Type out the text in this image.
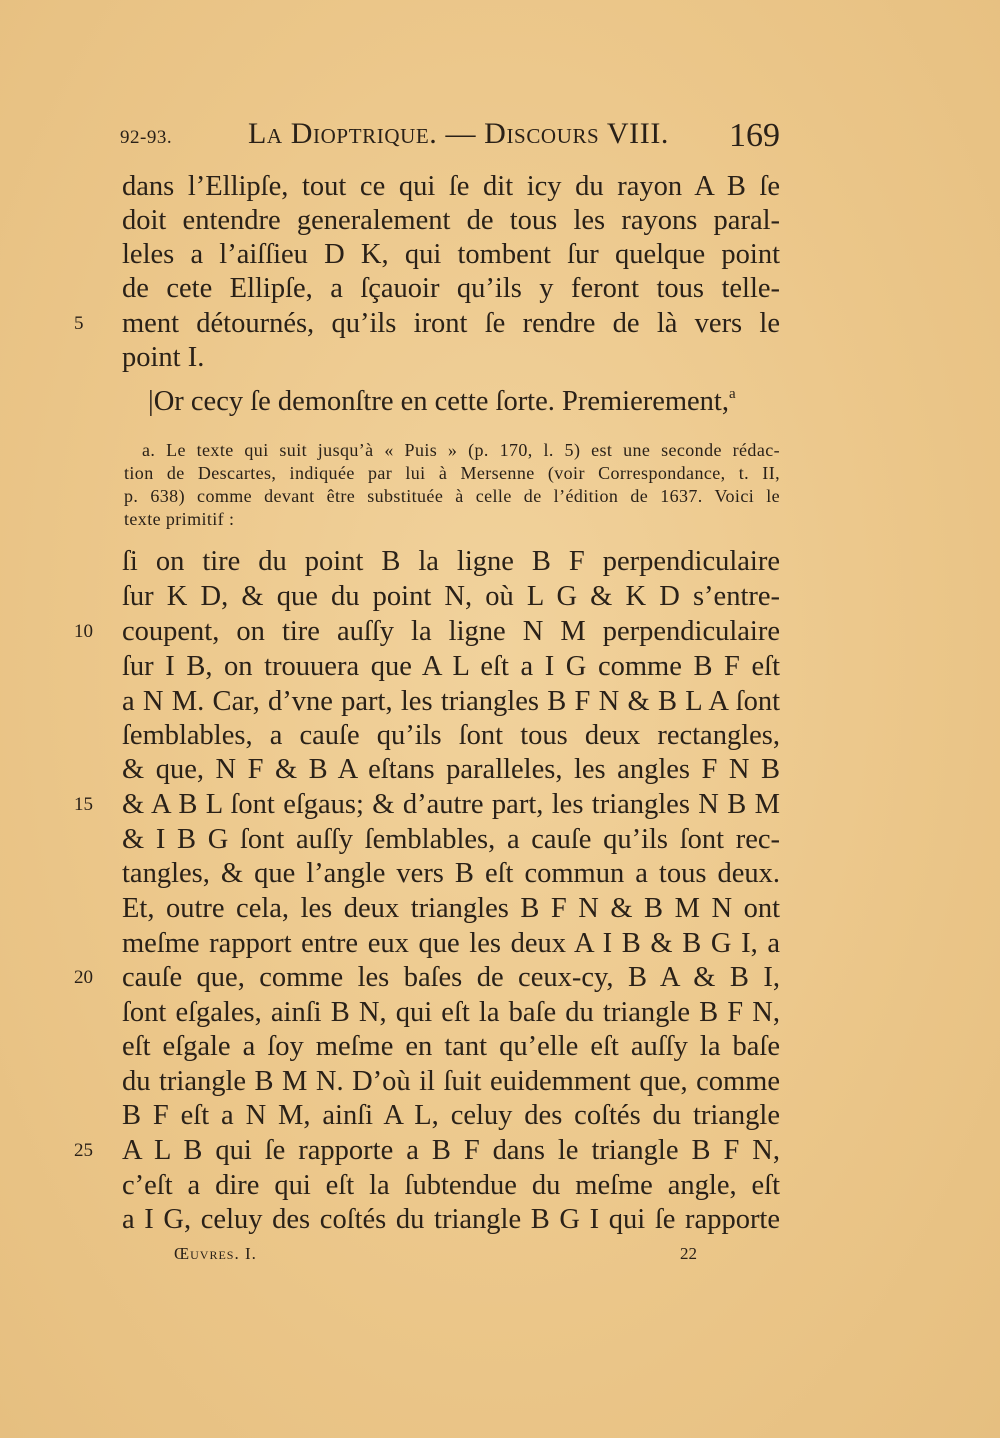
92-93.	La Dioptrique. — Discours VIII. 169
dans l’Ellipſe, tout ce qui ſe dit icy du rayon A B ſe
doit entendre generalement de tous les rayons paral-
leles a l’aiſſieu D K, qui tombent ſur quelque point
de cete Ellipſe, a ſçauoir qu’ils y feront tous telle-
5	ment détournés, qu’ils iront ſe rendre de là vers le
point I.
|Or cecy ſe demonſtre en cette ſorte. Premierement,$^a$
a. Le texte qui suit jusqu’à « Puis » (p. 170, l. 5) est une seconde rédac-
tion de Descartes, indiquée par lui à Mersenne (voir Correspondance, t. II,
p. 638) comme devant être substituée à celle de l’édition de 1637. Voici le
texte primitif :
ſi on tire du point B la ligne B F perpendiculaire
ſur K D, & que du point N, où L G & K D s’entre-
10 coupent, on tire auſſy la ligne N M perpendiculaire
ſur I B, on trouuera que A L eſt a I G comme B F eſt
a N M. Car, d’vne part, les triangles B F N & B L A ſont
ſemblables, a cauſe qu’ils ſont tous deux rectangles,
& que, N F & B A eſtans paralleles, les angles F N B
15 & A B L ſont eſgaus; & d’autre part, les triangles N B M
& I B G ſont auſſy ſemblables, a cauſe qu’ils ſont rec-
tangles, & que l’angle vers B eſt commun a tous deux.
Et, outre cela, les deux triangles B F N & B M N ont
meſme rapport entre eux que les deux A I B & B G I, a
20 cauſe que, comme les baſes de ceux-cy, B A & B I,
ſont eſgales, ainſi B N, qui eſt la baſe du triangle B F N,
eſt eſgale a ſoy meſme en tant qu’elle eſt auſſy la baſe
du triangle B M N. D’où il ſuit euidemment que, comme
B F eſt a N M, ainſi A L, celuy des coſtés du triangle
25 A L B qui ſe rapporte a B F dans le triangle B F N,
c’eſt a dire qui eſt la ſubtendue du meſme angle, eſt
a I G, celuy des coſtés du triangle B G I qui ſe rapporte
Œuvres. I.	22
